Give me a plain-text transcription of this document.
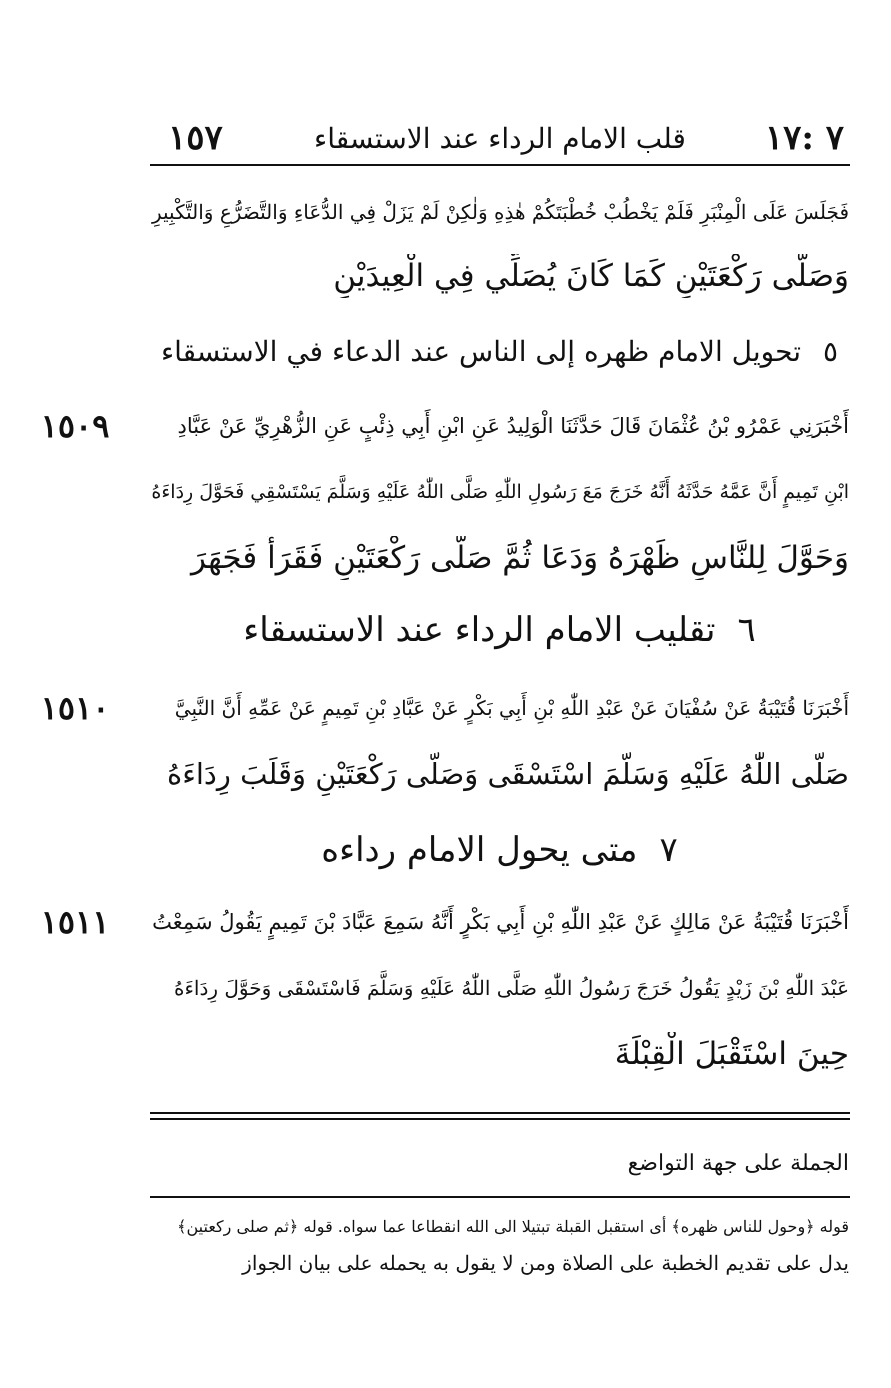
١٥٧	قلب الامام الرداء عند الاستسقاء	٧ :١٧
فَجَلَسَ عَلَى الْمِنْبَرِ فَلَمْ يَخْطُبْ خُطْبَتَكُمْ هٰذِهِ وَلٰكِنْ لَمْ يَزَلْ فِي الدُّعَاءِ وَالتَّضَرُّعِ وَالتَّكْبِيرِ
وَصَلَّى رَكْعَتَيْنِ كَمَا كَانَ يُصَلِّي فِي الْعِيدَيْنِ
٥تحويل الامام ظهره إلى الناس عند الدعاء في الاستسقاء
١٥٠٩	أَخْبَرَنِي عَمْرُو بْنُ عُثْمَانَ قَالَ حَدَّثَنَا الْوَلِيدُ عَنِ ابْنِ أَبِي ذِئْبٍ عَنِ الزُّهْرِيِّ عَنْ عَبَّادِ
ابْنِ تَمِيمٍ أَنَّ عَمَّهُ حَدَّثَهُ أَنَّهُ خَرَجَ مَعَ رَسُولِ اللّٰهِ صَلَّى اللّٰهُ عَلَيْهِ وَسَلَّمَ يَسْتَسْقِي فَحَوَّلَ رِدَاءَهُ
وَحَوَّلَ لِلنَّاسِ ظَهْرَهُ وَدَعَا ثُمَّ صَلَّى رَكْعَتَيْنِ فَقَرَأَ فَجَهَرَ
٦تقليب الامام الرداء عند الاستسقاء
١٥١٠	أَخْبَرَنَا قُتَيْبَةُ عَنْ سُفْيَانَ عَنْ عَبْدِ اللّٰهِ بْنِ أَبِي بَكْرٍ عَنْ عَبَّادِ بْنِ تَمِيمٍ عَنْ عَمِّهِ أَنَّ النَّبِيَّ
صَلَّى اللّٰهُ عَلَيْهِ وَسَلَّمَ اسْتَسْقَى وَصَلَّى رَكْعَتَيْنِ وَقَلَبَ رِدَاءَهُ
٧متى يحول الامام رداءه
١٥١١	أَخْبَرَنَا قُتَيْبَةُ عَنْ مَالِكٍ عَنْ عَبْدِ اللّٰهِ بْنِ أَبِي بَكْرٍ أَنَّهُ سَمِعَ عَبَّادَ بْنَ تَمِيمٍ يَقُولُ سَمِعْتُ
عَبْدَ اللّٰهِ بْنَ زَيْدٍ يَقُولُ خَرَجَ رَسُولُ اللّٰهِ صَلَّى اللّٰهُ عَلَيْهِ وَسَلَّمَ فَاسْتَسْقَى وَحَوَّلَ رِدَاءَهُ
حِينَ اسْتَقْبَلَ الْقِبْلَةَ
الجملة على جهة التواضع
قوله ﴿وحول للناس ظهره﴾ أى استقبل القبلة تبتيلا الى الله انقطاعا عما سواه. قوله ﴿ثم صلى ركعتين﴾
يدل على تقديم الخطبة على الصلاة ومن لا يقول به يحمله على بيان الجواز
